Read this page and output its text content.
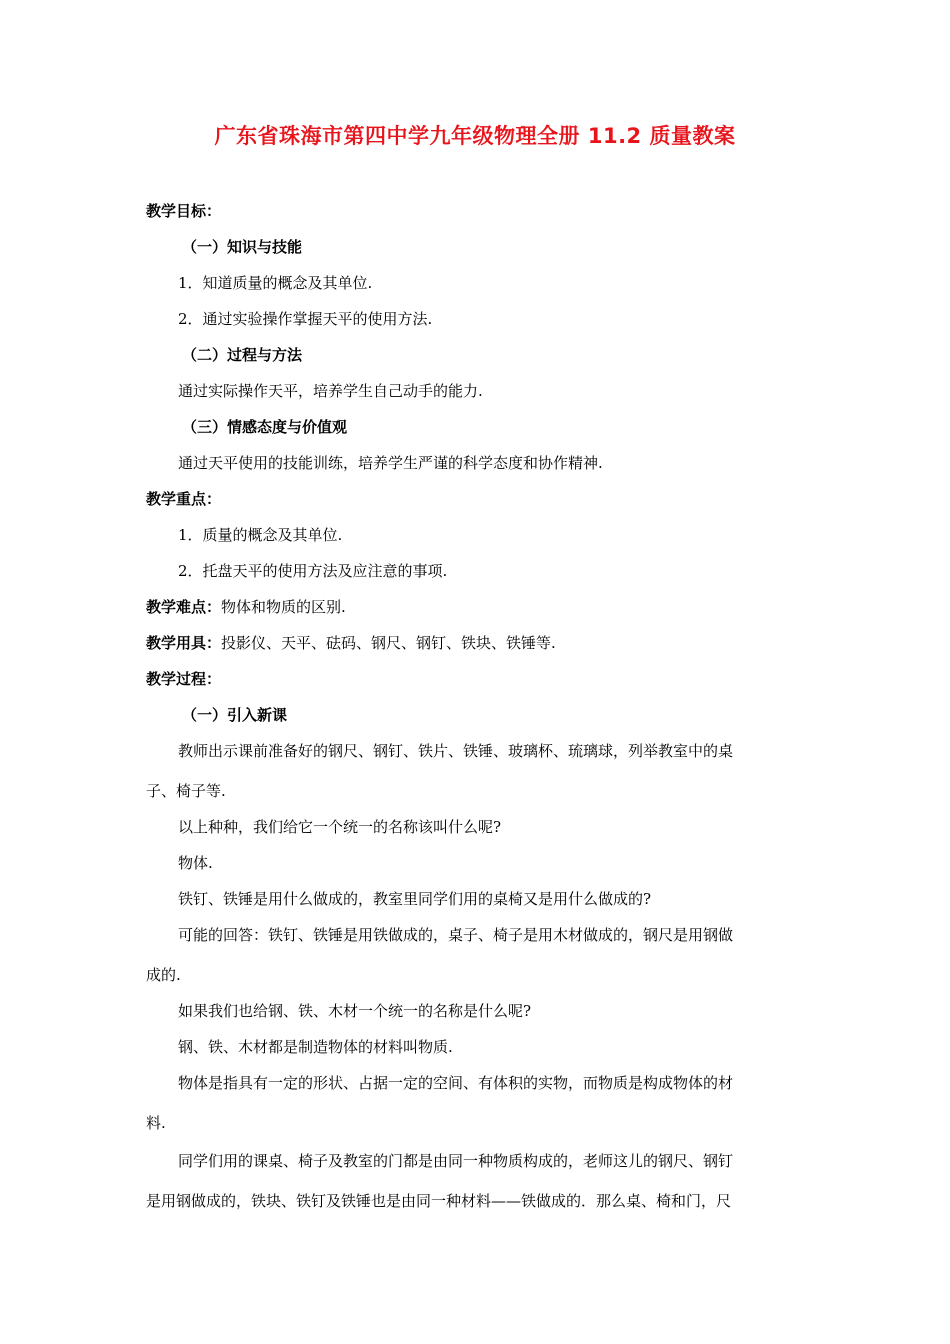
广东省珠海市第四中学九年级物理全册 11.2 质量教案
教学目标：
（一）知识与技能
1．知道质量的概念及其单位.
2．通过实验操作掌握天平的使用方法.
（二）过程与方法
通过实际操作天平，培养学生自己动手的能力.
（三）情感态度与价值观
通过天平使用的技能训练，培养学生严谨的科学态度和协作精神.
教学重点：
1．质量的概念及其单位.
2．托盘天平的使用方法及应注意的事项.
教学难点：物体和物质的区别.
教学用具：投影仪、天平、砝码、钢尺、钢钉、铁块、铁锤等.
教学过程：
（一）引入新课
教师出示课前准备好的钢尺、钢钉、铁片、铁锤、玻璃杯、琉璃球，列举教室中的桌
子、椅子等.
以上种种，我们给它一个统一的名称该叫什么呢?
物体.
铁钉、铁锤是用什么做成的，教室里同学们用的桌椅又是用什么做成的?
可能的回答：铁钉、铁锤是用铁做成的，桌子、椅子是用木材做成的，钢尺是用钢做
成的.
如果我们也给钢、铁、木材一个统一的名称是什么呢?
钢、铁、木材都是制造物体的材料叫物质.
物体是指具有一定的形状、占据一定的空间、有体积的实物，而物质是构成物体的材
料.
同学们用的课桌、椅子及教室的门都是由同一种物质构成的，老师这儿的钢尺、钢钉
是用钢做成的，铁块、铁钉及铁锤也是由同一种材料——铁做成的．那么桌、椅和门，尺
